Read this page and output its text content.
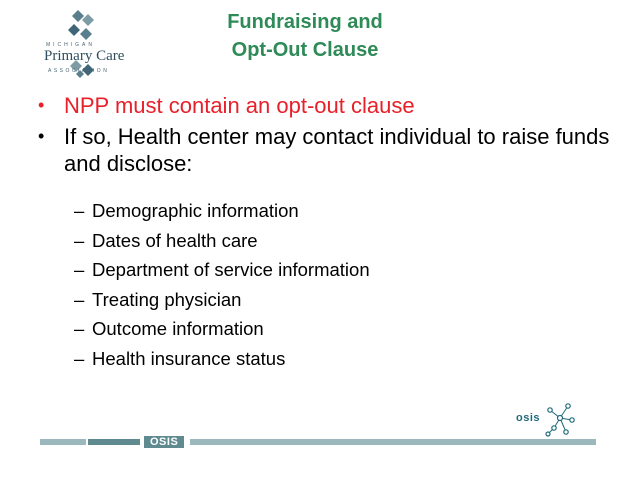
MICHIGAN
Primary Care
ASSOCIATION
Fundraising and
Opt-Out Clause
• NPP must contain an opt-out clause
• If so, Health center may contact individual to raise funds and disclose:
– Demographic information
– Dates of health care
– Department of service information
– Treating physician
– Outcome information
– Health insurance status
osis
OSIS
